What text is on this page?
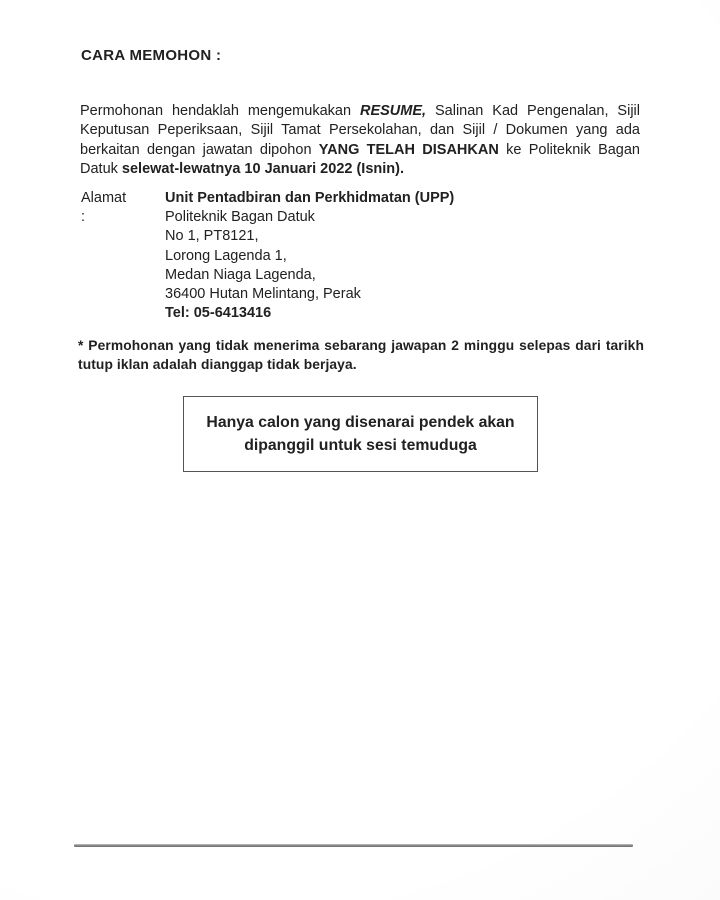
CARA MEMOHON :
Permohonan hendaklah mengemukakan RESUME, Salinan Kad Pengenalan, Sijil
Keputusan Peperiksaan, Sijil Tamat Persekolahan, dan Sijil / Dokumen yang ada
berkaitan dengan jawatan dipohon YANG TELAH DISAHKAN ke Politeknik Bagan
Datuk selewat-lewatnya 10 Januari 2022 (Isnin).
Alamat :
Unit Pentadbiran dan Perkhidmatan (UPP)
Politeknik Bagan Datuk
No 1, PT8121,
Lorong Lagenda 1,
Medan Niaga Lagenda,
36400 Hutan Melintang, Perak
Tel: 05-6413416
* Permohonan yang tidak menerima sebarang jawapan 2 minggu selepas dari tarikh
tutup iklan adalah dianggap tidak berjaya.
Hanya calon yang disenarai pendek akan
dipanggil untuk sesi temuduga
